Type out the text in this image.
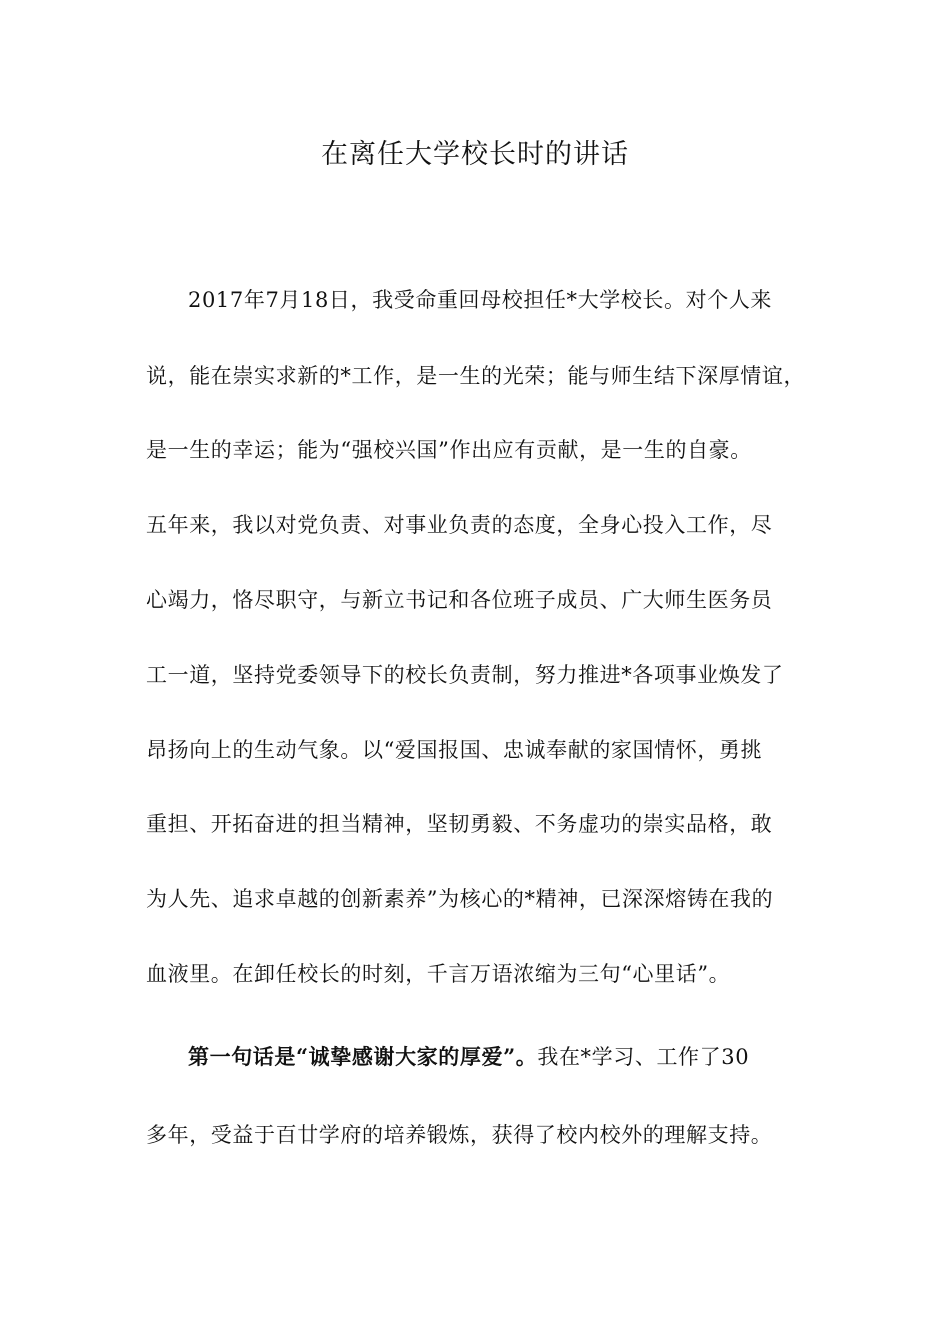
在离任大学校长时的讲话

2017年7月18日，我受命重回母校担任*大学校长。对个人来

说，能在崇实求新的*工作，是一生的光荣；能与师生结下深厚情谊，

是一生的幸运；能为“强校兴国”作出应有贡献，是一生的自豪。

五年来，我以对党负责、对事业负责的态度，全身心投入工作，尽

心竭力，恪尽职守，与新立书记和各位班子成员、广大师生医务员

工一道，坚持党委领导下的校长负责制，努力推进*各项事业焕发了

昂扬向上的生动气象。以“爱国报国、忠诚奉献的家国情怀，勇挑

重担、开拓奋进的担当精神，坚韧勇毅、不务虚功的崇实品格，敢

为人先、追求卓越的创新素养”为核心的*精神，已深深熔铸在我的

血液里。在卸任校长的时刻，千言万语浓缩为三句“心里话”。

第一句话是“诚挚感谢大家的厚爱”。我在*学习、工作了30

多年，受益于百廿学府的培养锻炼，获得了校内校外的理解支持。
